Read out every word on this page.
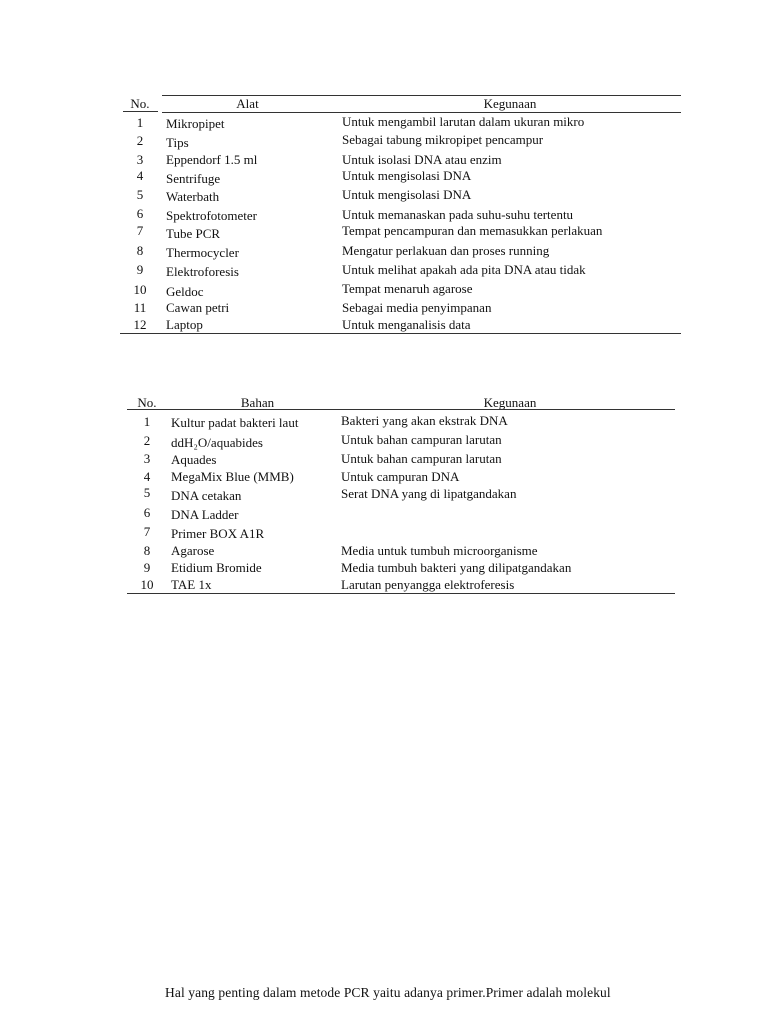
No.	Alat	Kegunaan
1	Mikropipet	Untuk mengambil larutan dalam ukuran mikro
2	Tips	Sebagai tabung mikropipet pencampur
3	Eppendorf 1.5 ml	Untuk isolasi DNA atau enzim
4	Sentrifuge	Untuk mengisolasi DNA
5	Waterbath	Untuk mengisolasi DNA
6	Spektrofotometer	Untuk memanaskan pada suhu-suhu tertentu
7	Tube PCR	Tempat pencampuran dan memasukkan perlakuan
8	Thermocycler	Mengatur perlakuan dan proses running
9	Elektroforesis	Untuk melihat apakah ada pita DNA atau tidak
10	Geldoc	Tempat menaruh agarose
11	Cawan petri	Sebagai media penyimpanan
12	Laptop	Untuk menganalisis data
No.	Bahan	Kegunaan
1	Kultur padat bakteri laut	Bakteri yang akan ekstrak DNA
2	ddH₂O/aquabides	Untuk bahan campuran larutan
3	Aquades	Untuk bahan campuran larutan
4	MegaMix Blue (MMB)	Untuk campuran DNA
5	DNA cetakan	Serat DNA yang di lipatgandakan
6	DNA Ladder
7	Primer BOX A1R
8	Agarose	Media untuk tumbuh microorganisme
9	Etidium Bromide	Media tumbuh bakteri yang dilipatgandakan
10	TAE 1x	Larutan penyangga elektroferesis
Hal yang penting dalam metode PCR yaitu adanya primer.Primer adalah molekul
